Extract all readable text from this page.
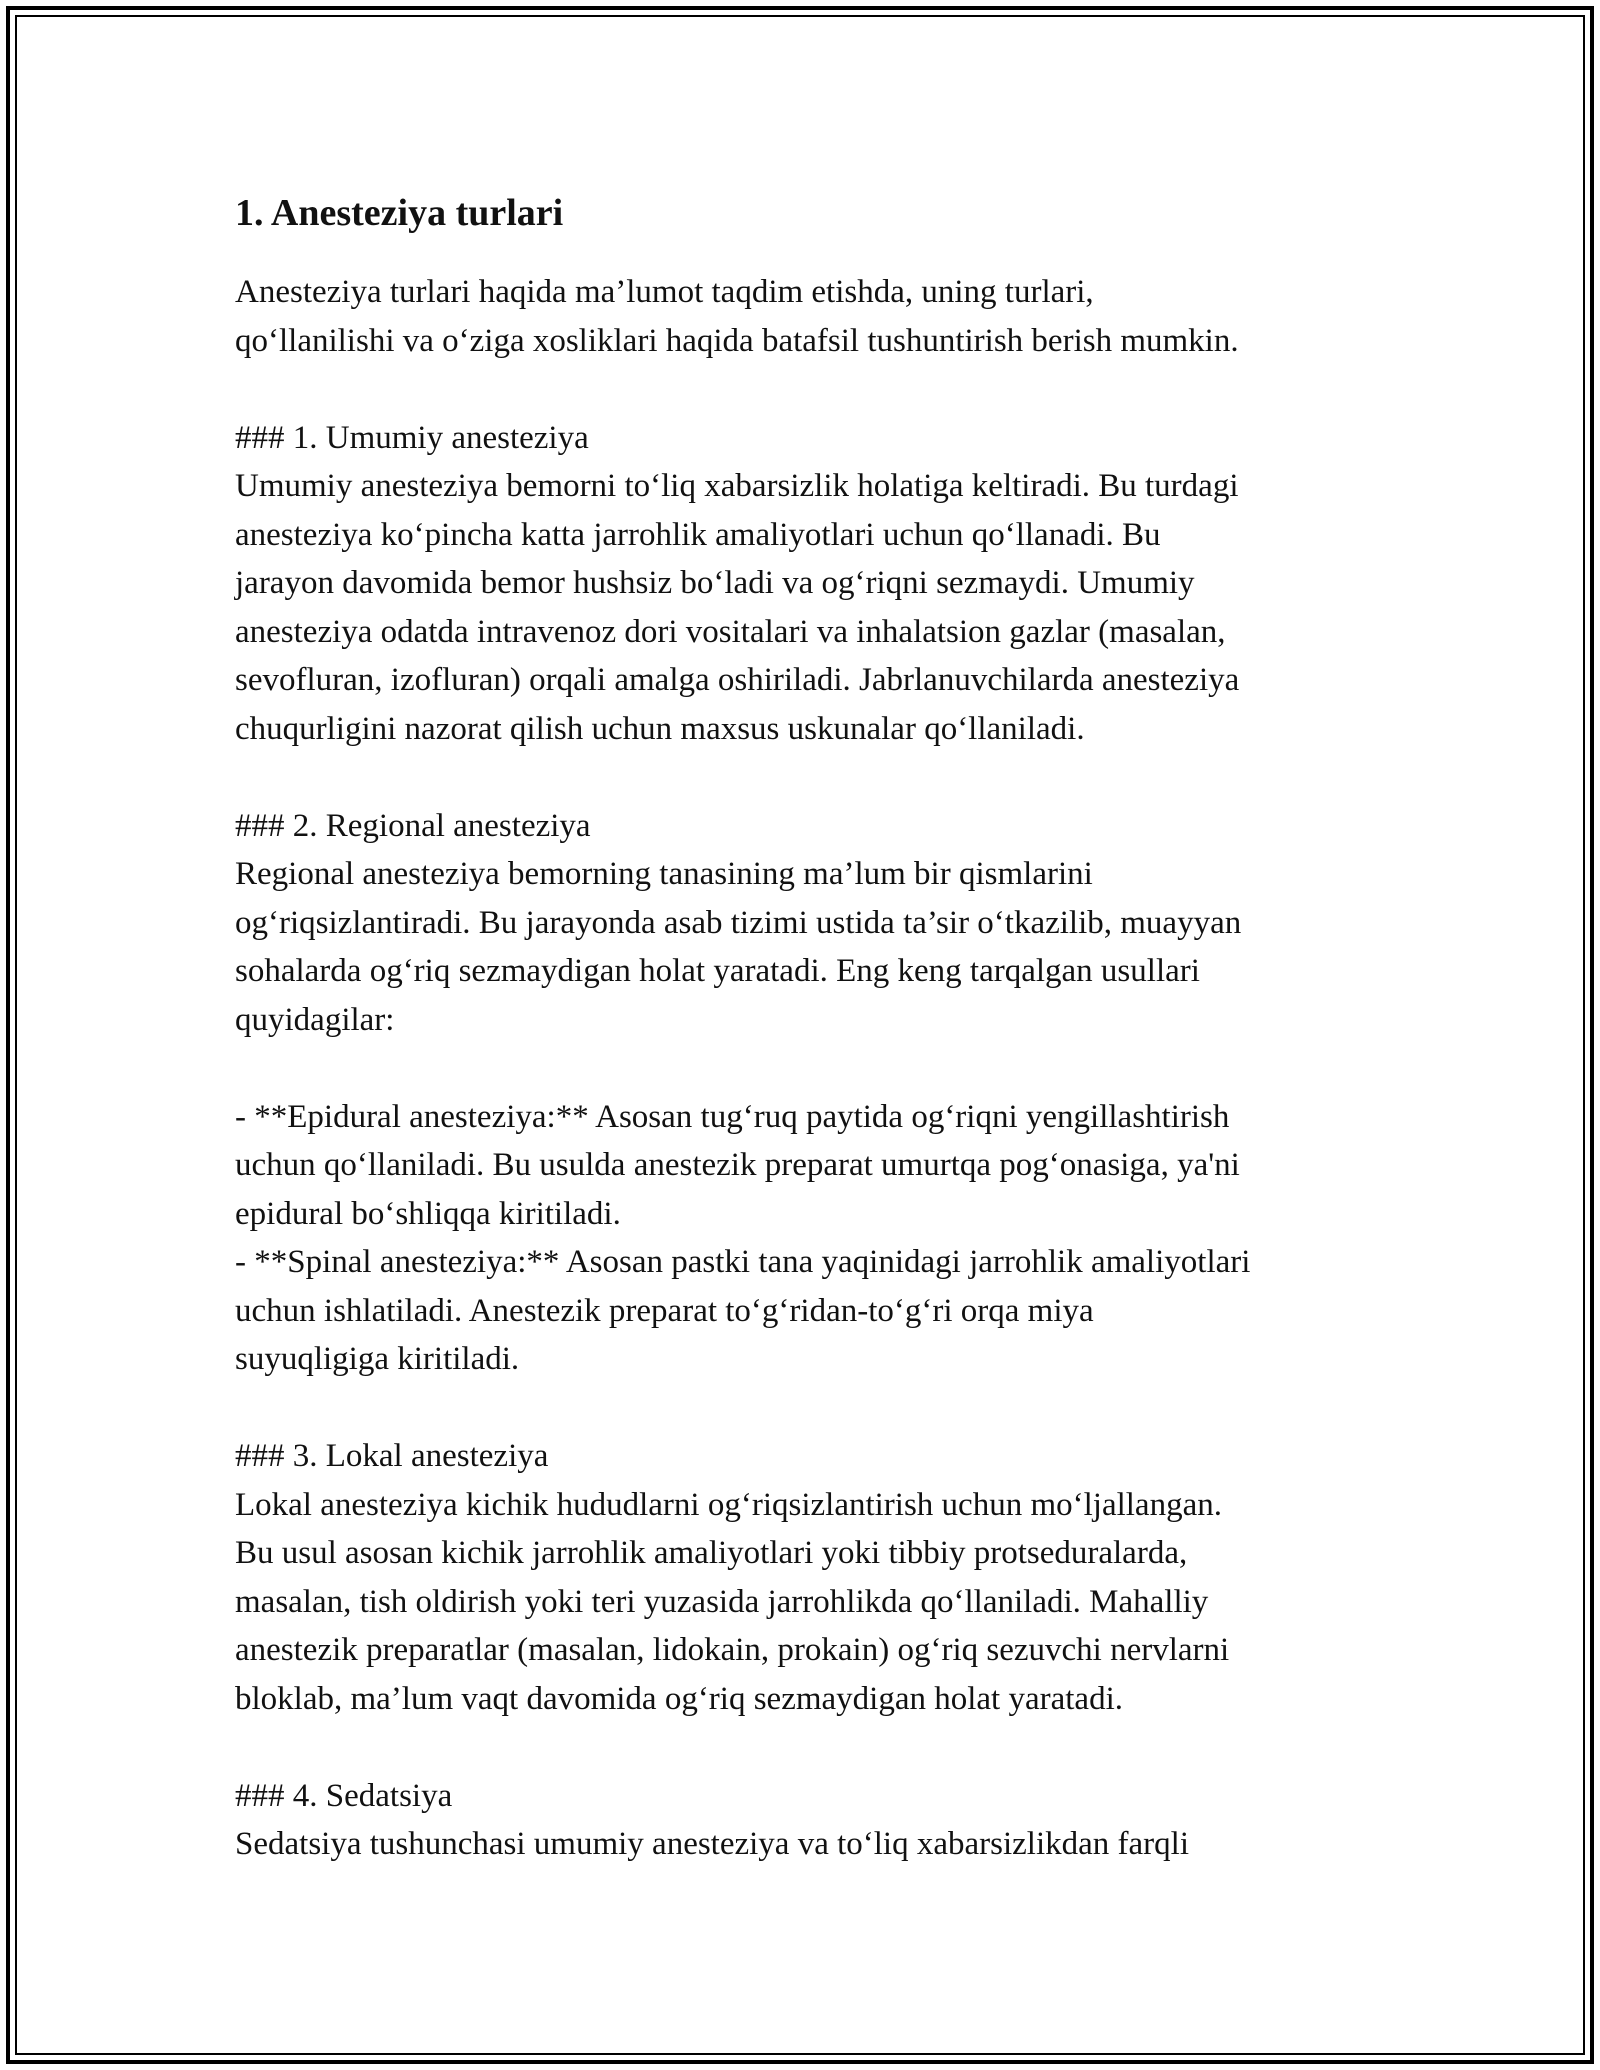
1. Anesteziya turlari
Anesteziya turlari haqida ma’lumot taqdim etishda, uning turlari,
qo‘llanilishi va o‘ziga xosliklari haqida batafsil tushuntirish berish mumkin.
### 1. Umumiy anesteziya
Umumiy anesteziya bemorni to‘liq xabarsizlik holatiga keltiradi. Bu turdagi
anesteziya ko‘pincha katta jarrohlik amaliyotlari uchun qo‘llanadi. Bu
jarayon davomida bemor hushsiz bo‘ladi va og‘riqni sezmaydi. Umumiy
anesteziya odatda intravenoz dori vositalari va inhalatsion gazlar (masalan,
sevofluran, izofluran) orqali amalga oshiriladi. Jabrlanuvchilarda anesteziya
chuqurligini nazorat qilish uchun maxsus uskunalar qo‘llaniladi.
### 2. Regional anesteziya
Regional anesteziya bemorning tanasining ma’lum bir qismlarini
og‘riqsizlantiradi. Bu jarayonda asab tizimi ustida ta’sir o‘tkazilib, muayyan
sohalarda og‘riq sezmaydigan holat yaratadi. Eng keng tarqalgan usullari
quyidagilar:
- **Epidural anesteziya:** Asosan tug‘ruq paytida og‘riqni yengillashtirish
uchun qo‘llaniladi. Bu usulda anestezik preparat umurtqa pog‘onasiga, ya'ni
epidural bo‘shliqqa kiritiladi.
- **Spinal anesteziya:** Asosan pastki tana yaqinidagi jarrohlik amaliyotlari
uchun ishlatiladi. Anestezik preparat to‘g‘ridan-to‘g‘ri orqa miya
suyuqligiga kiritiladi.
### 3. Lokal anesteziya
Lokal anesteziya kichik hududlarni og‘riqsizlantirish uchun mo‘ljallangan.
Bu usul asosan kichik jarrohlik amaliyotlari yoki tibbiy protseduralarda,
masalan, tish oldirish yoki teri yuzasida jarrohlikda qo‘llaniladi. Mahalliy
anestezik preparatlar (masalan, lidokain, prokain) og‘riq sezuvchi nervlarni
bloklab, ma’lum vaqt davomida og‘riq sezmaydigan holat yaratadi.
### 4. Sedatsiya
Sedatsiya tushunchasi umumiy anesteziya va to‘liq xabarsizlikdan farqli
